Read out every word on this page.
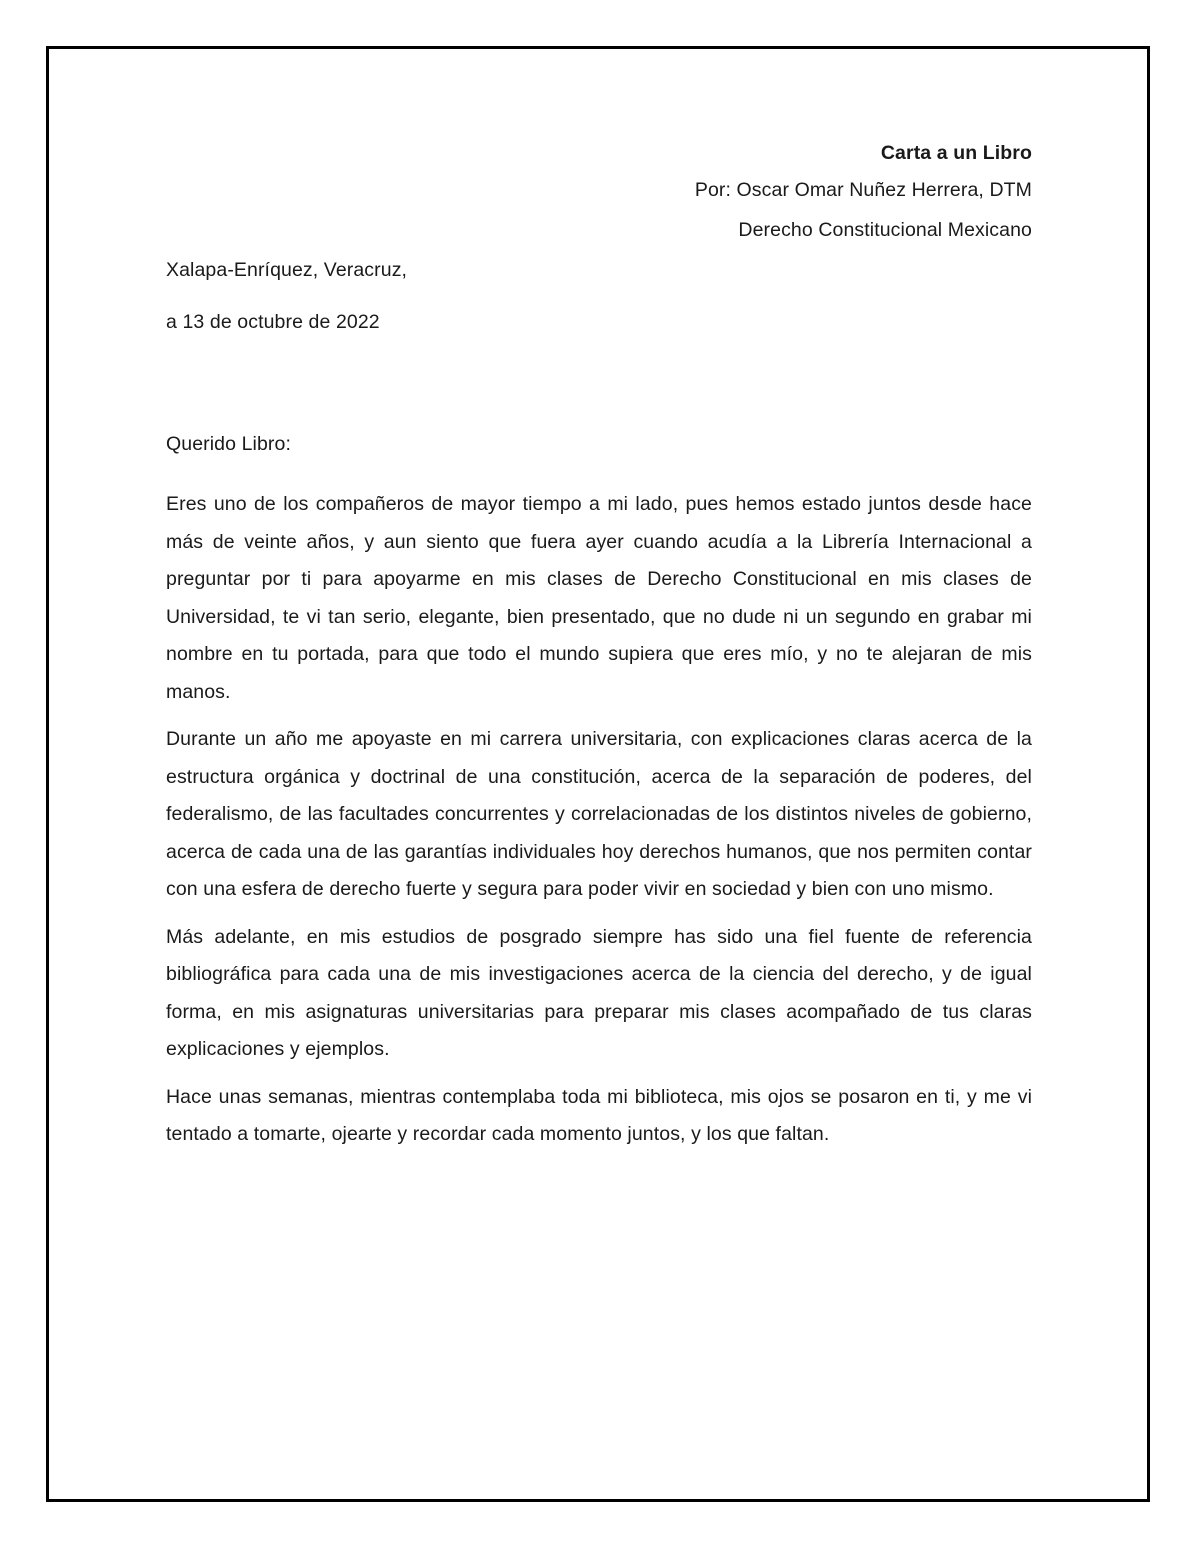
Carta a un Libro

Por: Oscar Omar Nuñez Herrera, DTM

Derecho Constitucional Mexicano

Xalapa-Enríquez, Veracruz,
a 13 de octubre de 2022
Querido Libro:

Eres uno de los compañeros de mayor tiempo a mi lado, pues hemos estado juntos desde hace más de veinte años, y aun siento que fuera ayer cuando acudía a la Librería Internacional a preguntar por ti para apoyarme en mis clases de Derecho Constitucional en mis clases de Universidad, te vi tan serio, elegante, bien presentado, que no dude ni un segundo en grabar mi nombre en tu portada, para que todo el mundo supiera que eres mío, y no te alejaran de mis manos.

Durante un año me apoyaste en mi carrera universitaria, con explicaciones claras acerca de la estructura orgánica y doctrinal de una constitución, acerca de la separación de poderes, del federalismo, de las facultades concurrentes y correlacionadas de los distintos niveles de gobierno, acerca de cada una de las garantías individuales hoy derechos humanos, que nos permiten contar con una esfera de derecho fuerte y segura para poder vivir en sociedad y bien con uno mismo.

Más adelante, en mis estudios de posgrado siempre has sido una fiel fuente de referencia bibliográfica para cada una de mis investigaciones acerca de la ciencia del derecho, y de igual forma, en mis asignaturas universitarias para preparar mis clases acompañado de tus claras explicaciones y ejemplos.

Hace unas semanas, mientras contemplaba toda mi biblioteca, mis ojos se posaron en ti, y me vi tentado a tomarte, ojearte y recordar cada momento juntos, y los que faltan.
